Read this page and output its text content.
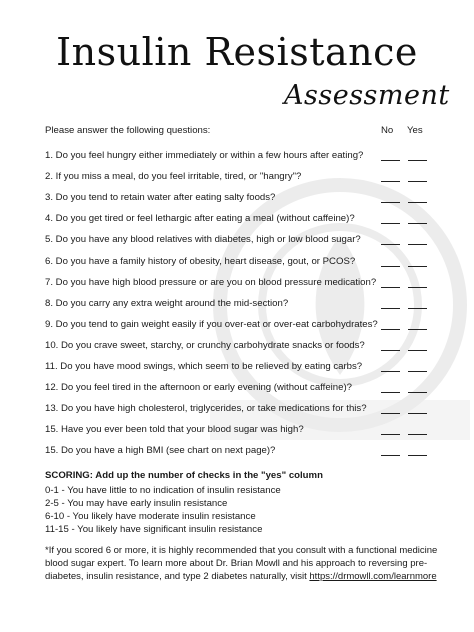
Insulin Resistance
Assessment
Please answer the following questions:	No Yes
1. Do you feel hungry either immediately or within a few hours after eating?
2. If you miss a meal, do you feel irritable, tired, or "hangry"?
3. Do you tend to retain water after eating salty foods?
4. Do you get tired or feel lethargic after eating a meal (without caffeine)?
5. Do you have any blood relatives with diabetes, high or low blood sugar?
6. Do you have a family history of obesity, heart disease, gout, or PCOS?
7. Do you have high blood pressure or are you on blood pressure medication?
8. Do you carry any extra weight around the mid-section?
9. Do you tend to gain weight easily if you over-eat or over-eat carbohydrates?
10. Do you crave sweet, starchy, or crunchy carbohydrate snacks or foods?
11. Do you have mood swings, which seem to be relieved by eating carbs?
12. Do you feel tired in the afternoon or early evening (without caffeine)?
13. Do you have high cholesterol, triglycerides, or take medications for this?
15. Have you ever been told that your blood sugar was high?
15. Do you have a high BMI (see chart on next page)?
SCORING: Add up the number of checks in the "yes" column
0-1 - You have little to no indication of insulin resistance
2-5 - You may have early insulin resistance
6-10 - You likely have moderate insulin resistance
11-15 - You likely have significant insulin resistance
*If you scored 6 or more, it is highly recommended that you consult with a functional medicine blood sugar expert. To learn more about Dr. Brian Mowll and his approach to reversing pre-diabetes, insulin resistance, and type 2 diabetes naturally, visit https://drmowll.com/learnmore
